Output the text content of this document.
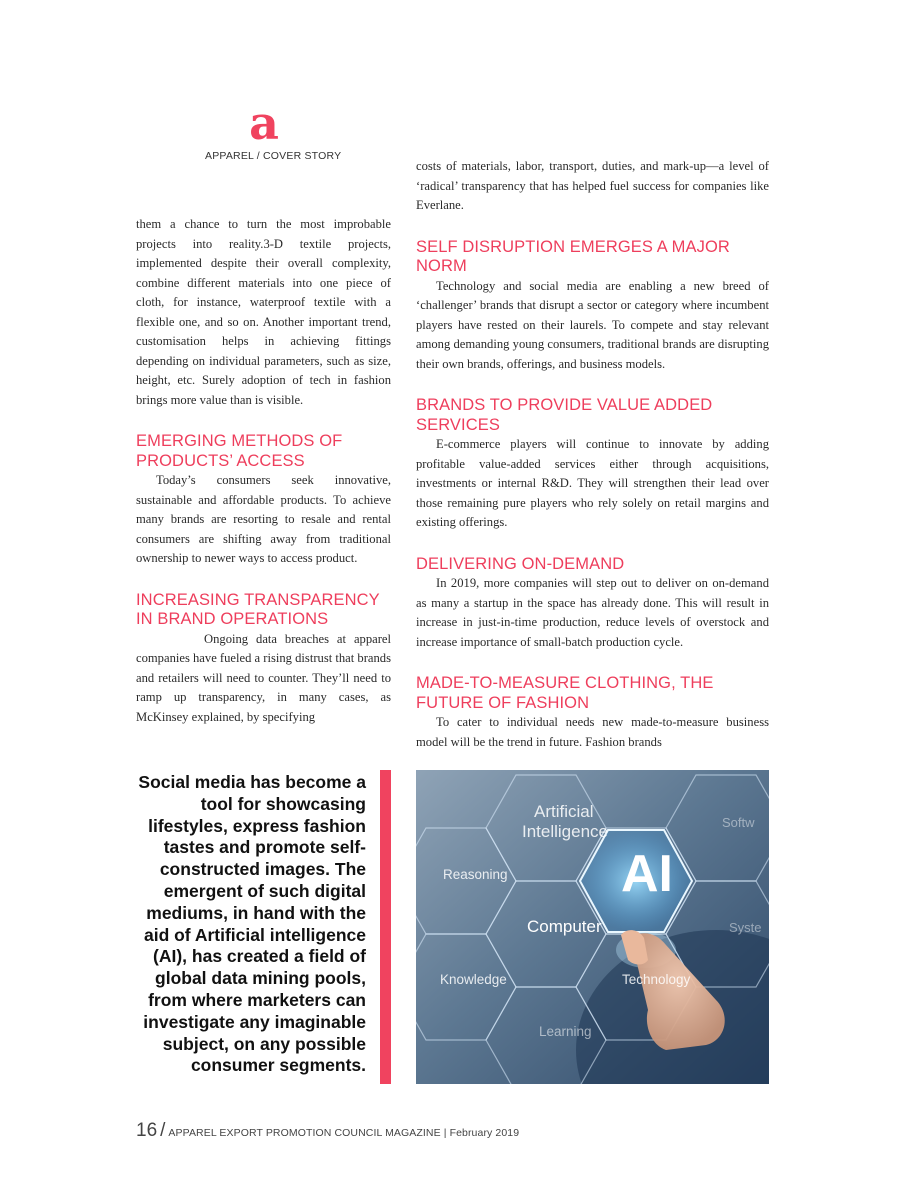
a
APPAREL / COVER STORY

them a chance to turn the most improbable projects into reality.3-D textile projects, implemented despite their overall complexity, combine different materials into one piece of cloth, for instance, waterproof textile with a flexible one, and so on. Another important trend, customisation helps in achieving fittings depending on individual parameters, such as size, height, etc. Surely adoption of tech in fashion brings more value than is visible.

EMERGING METHODS OF PRODUCTS’ ACCESS

Today’s consumers seek innovative, sustainable and affordable products. To achieve many brands are resorting to resale and rental consumers are shifting away from traditional ownership to newer ways to access product.

INCREASING TRANSPARENCY IN BRAND OPERATIONS

Ongoing data breaches at apparel companies have fueled a rising distrust that brands and retailers will need to counter. They’ll need to ramp up transparency, in many cases, as McKinsey explained, by specifying

costs of materials, labor, transport, duties, and mark-up—a level of ‘radical’ transparency that has helped fuel success for companies like Everlane.

SELF DISRUPTION EMERGES A MAJOR NORM

Technology and social media are enabling a new breed of ‘challenger’ brands that disrupt a sector or category where incumbent players have rested on their laurels. To compete and stay relevant among demanding young consumers, traditional brands are disrupting their own brands, offerings, and business models.

BRANDS TO PROVIDE VALUE ADDED SERVICES

E-commerce players will continue to innovate by adding profitable value-added services either through acquisitions, investments or internal R&D. They will strengthen their lead over those remaining pure players who rely solely on retail margins and existing offerings.

DELIVERING ON-DEMAND

In 2019, more companies will step out to deliver on on-demand as many a startup in the space has already done. This will result in increase in just-in-time production, reduce levels of overstock and increase importance of small-batch production cycle.

MADE-TO-MEASURE CLOTHING, THE FUTURE OF FASHION

To cater to individual needs new made-to-measure business model will be the trend in future. Fashion brands

Social media has become a tool for showcasing lifestyles, express fashion tastes and promote self-constructed images. The emergent of such digital mediums, in hand with the aid of Artificial intelligence (AI), has created a field of global data mining pools, from where marketers can investigate any imaginable subject, on any possible consumer segments.
Artificial
Intelligence
Reasoning AI
Computer
Knowledge	Technology
Learning
Softw
Syste
16 / APPAREL EXPORT PROMOTION COUNCIL MAGAZINE | February 2019
